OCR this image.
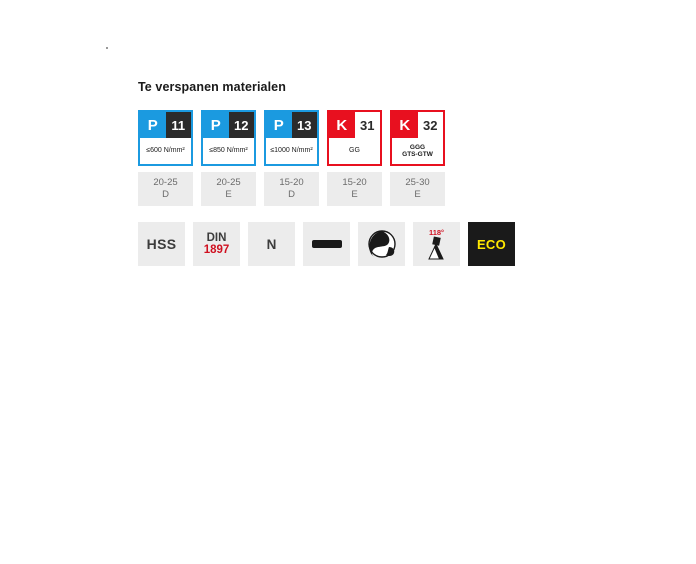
Te verspanen materialen
P	11
≤600 N/mm²
20-25
D
P	12
≤850 N/mm²
20-25
E
P	13
≤1000 N/mm²
15-20
D
K 31
GG
15-20
E
K 32
GGG
GTS-GTW
25-30
E
HSS	DIN
1897	N
118°
ECO
